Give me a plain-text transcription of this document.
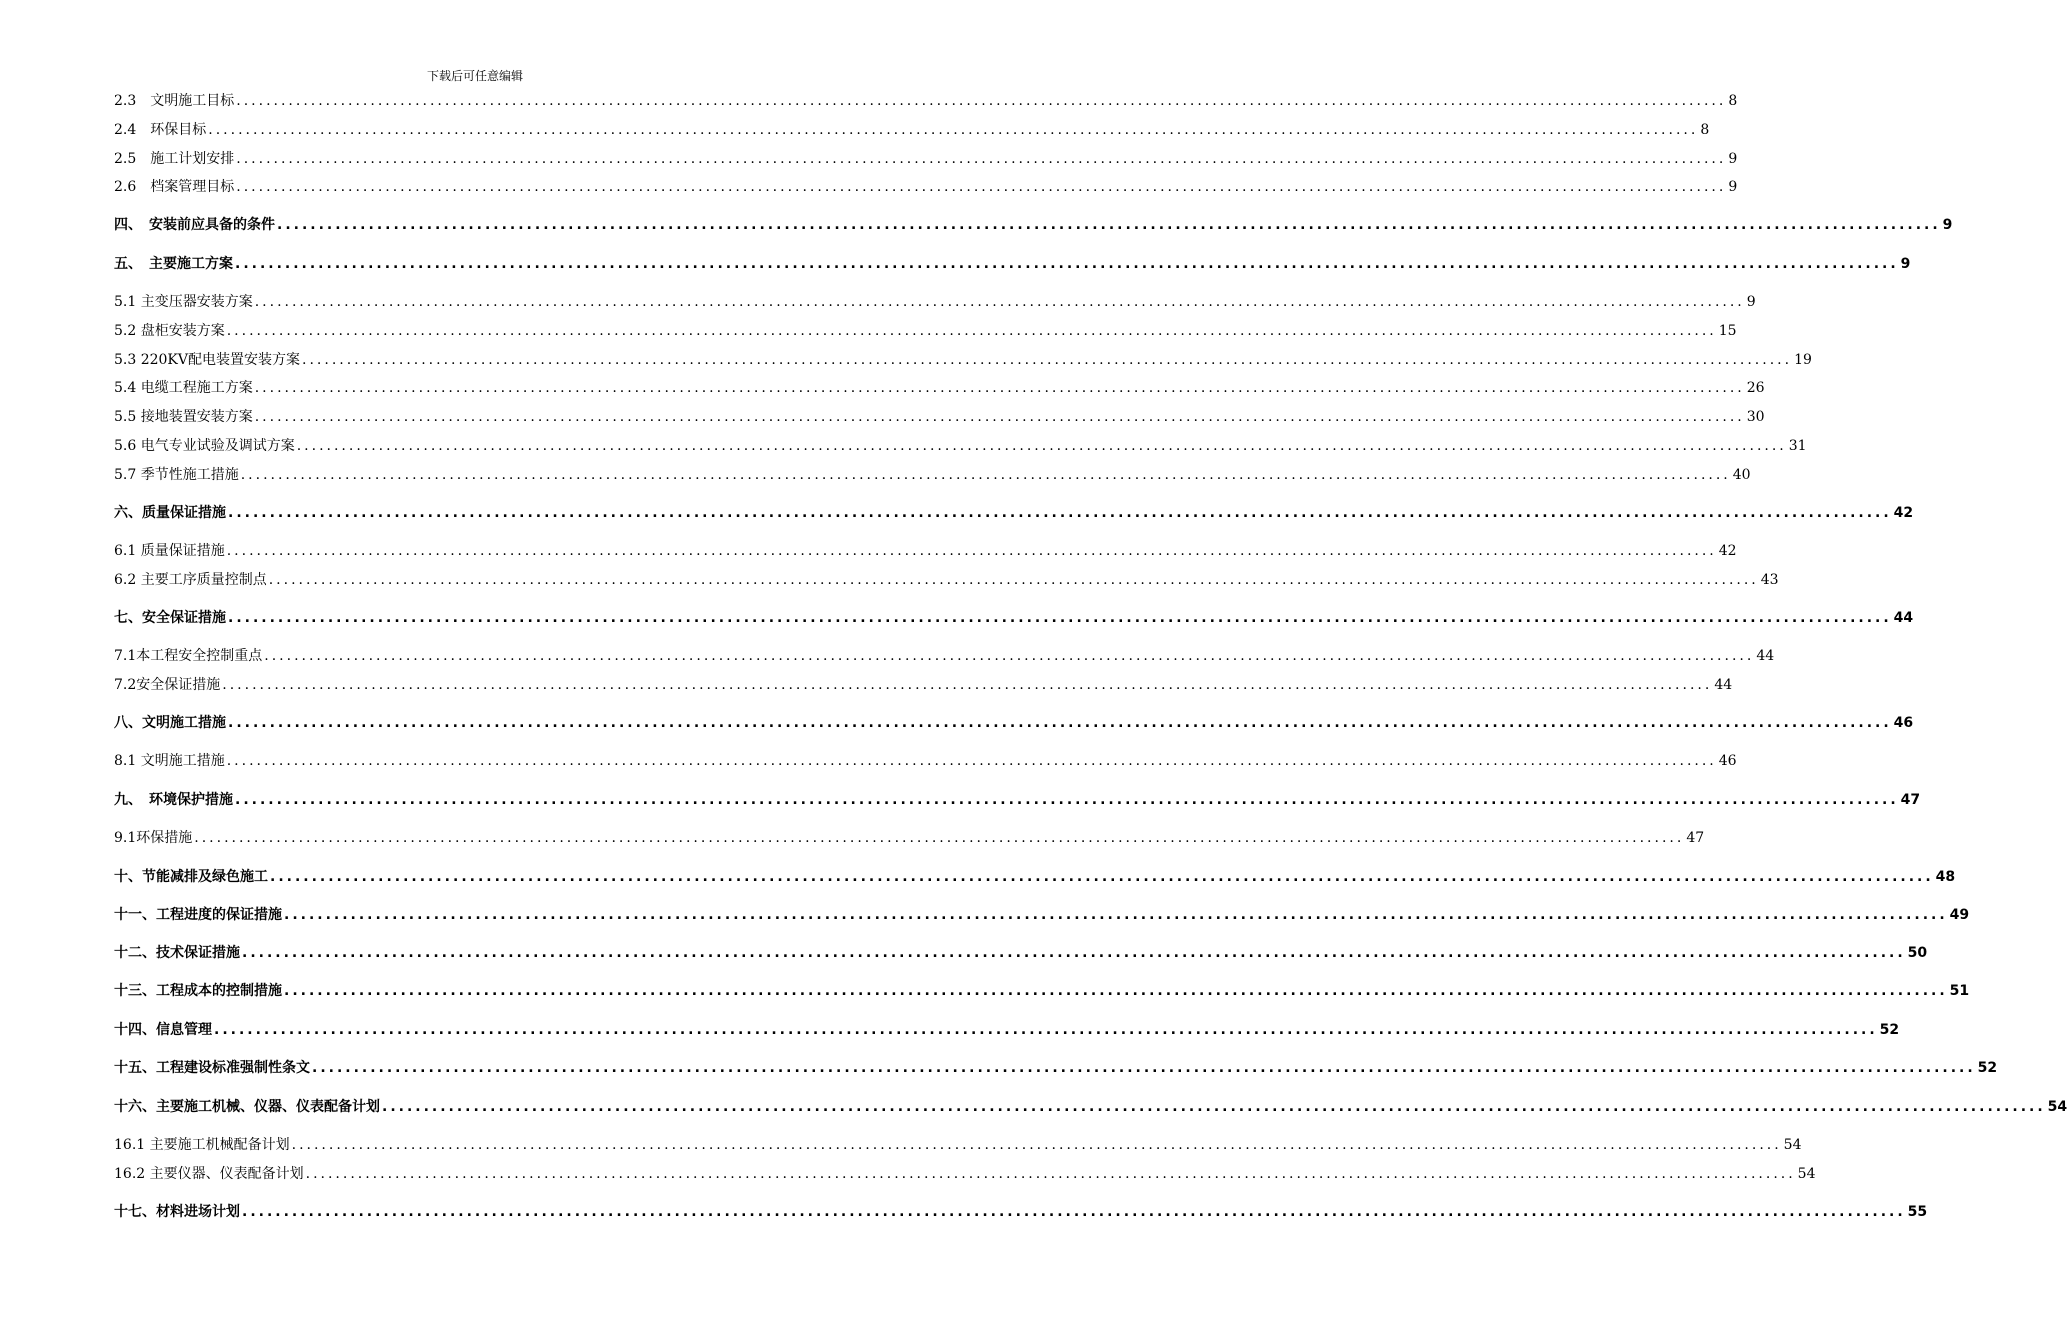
下载后可任意编辑
2.3　文明施工目标 ........................................................................................................................................................................................................ 8
2.4　环保目标 ........................................................................................................................................................................................................ 8
2.5　施工计划安排 ........................................................................................................................................................................................................ 9
2.6　档案管理目标 ........................................................................................................................................................................................................ 9
四、　安装前应具备的条件 ........................................................................................................................................................................................................ 9
五、　主要施工方案 ........................................................................................................................................................................................................ 9
5.1 主变压器安装方案 ........................................................................................................................................................................................................ 9
5.2 盘柜安装方案 ........................................................................................................................................................................................................ 15
5.3 220KV配电装置安装方案 ........................................................................................................................................................................................................ 19
5.4 电缆工程施工方案 ........................................................................................................................................................................................................ 26
5.5 接地装置安装方案 ........................................................................................................................................................................................................ 30
5.6 电气专业试验及调试方案 ........................................................................................................................................................................................................ 31
5.7 季节性施工措施 ........................................................................................................................................................................................................ 40
六、质量保证措施 ........................................................................................................................................................................................................ 42
6.1 质量保证措施 ........................................................................................................................................................................................................ 42
6.2 主要工序质量控制点 ........................................................................................................................................................................................................ 43
七、安全保证措施 ........................................................................................................................................................................................................ 44
7.1本工程安全控制重点 ........................................................................................................................................................................................................ 44
7.2安全保证措施 ........................................................................................................................................................................................................ 44
八、文明施工措施 ........................................................................................................................................................................................................ 46
8.1 文明施工措施 ........................................................................................................................................................................................................ 46
九、　环境保护措施 ........................................................................................................................................................................................................ 47
9.1环保措施 ........................................................................................................................................................................................................ 47
十、节能减排及绿色施工 ........................................................................................................................................................................................................ 48
十一、工程进度的保证措施 ........................................................................................................................................................................................................ 49
十二、技术保证措施 ........................................................................................................................................................................................................ 50
十三、工程成本的控制措施 ........................................................................................................................................................................................................ 51
十四、信息管理 ........................................................................................................................................................................................................ 52
十五、工程建设标准强制性条文 ........................................................................................................................................................................................................ 52
十六、主要施工机械、仪器、仪表配备计划 ........................................................................................................................................................................................................ 54
16.1 主要施工机械配备计划 ........................................................................................................................................................................................................ 54
16.2 主要仪器、仪表配备计划 ........................................................................................................................................................................................................ 54
十七、材料进场计划 ........................................................................................................................................................................................................ 55
